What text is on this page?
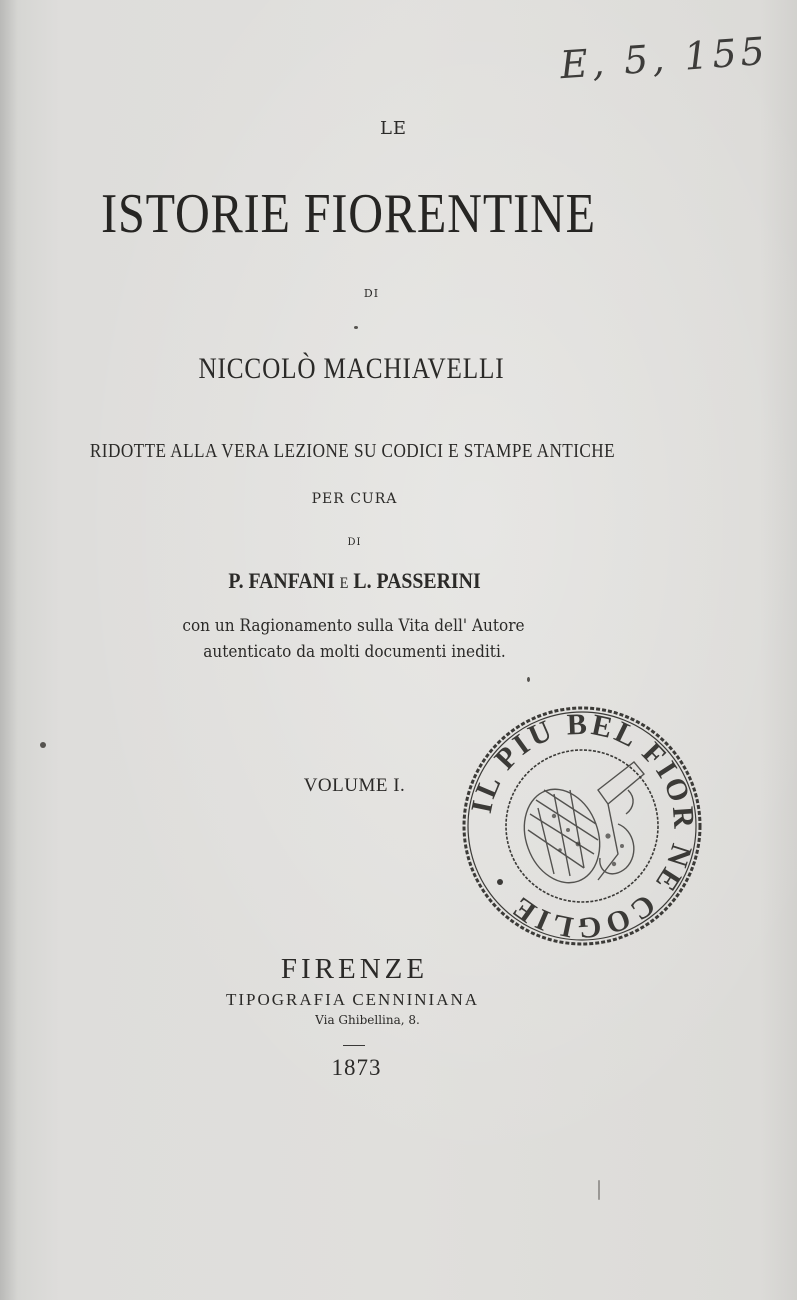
E, 5, 155
LE
ISTORIE FIORENTINE
DI
NICCOLÒ MACHIAVELLI
RIDOTTE ALLA VERA LEZIONE SU CODICI E STAMPE ANTICHE
PER CURA
DI
P. FANFANI E L. PASSERINI
con un Ragionamento sulla Vita dell' Autore
autenticato da molti documenti inediti.
VOLUME I.
IL PIU BEL FIOR NE COGLIE
FIRENZE
TIPOGRAFIA CENNINIANA
Via Ghibellina, 8.
1873
